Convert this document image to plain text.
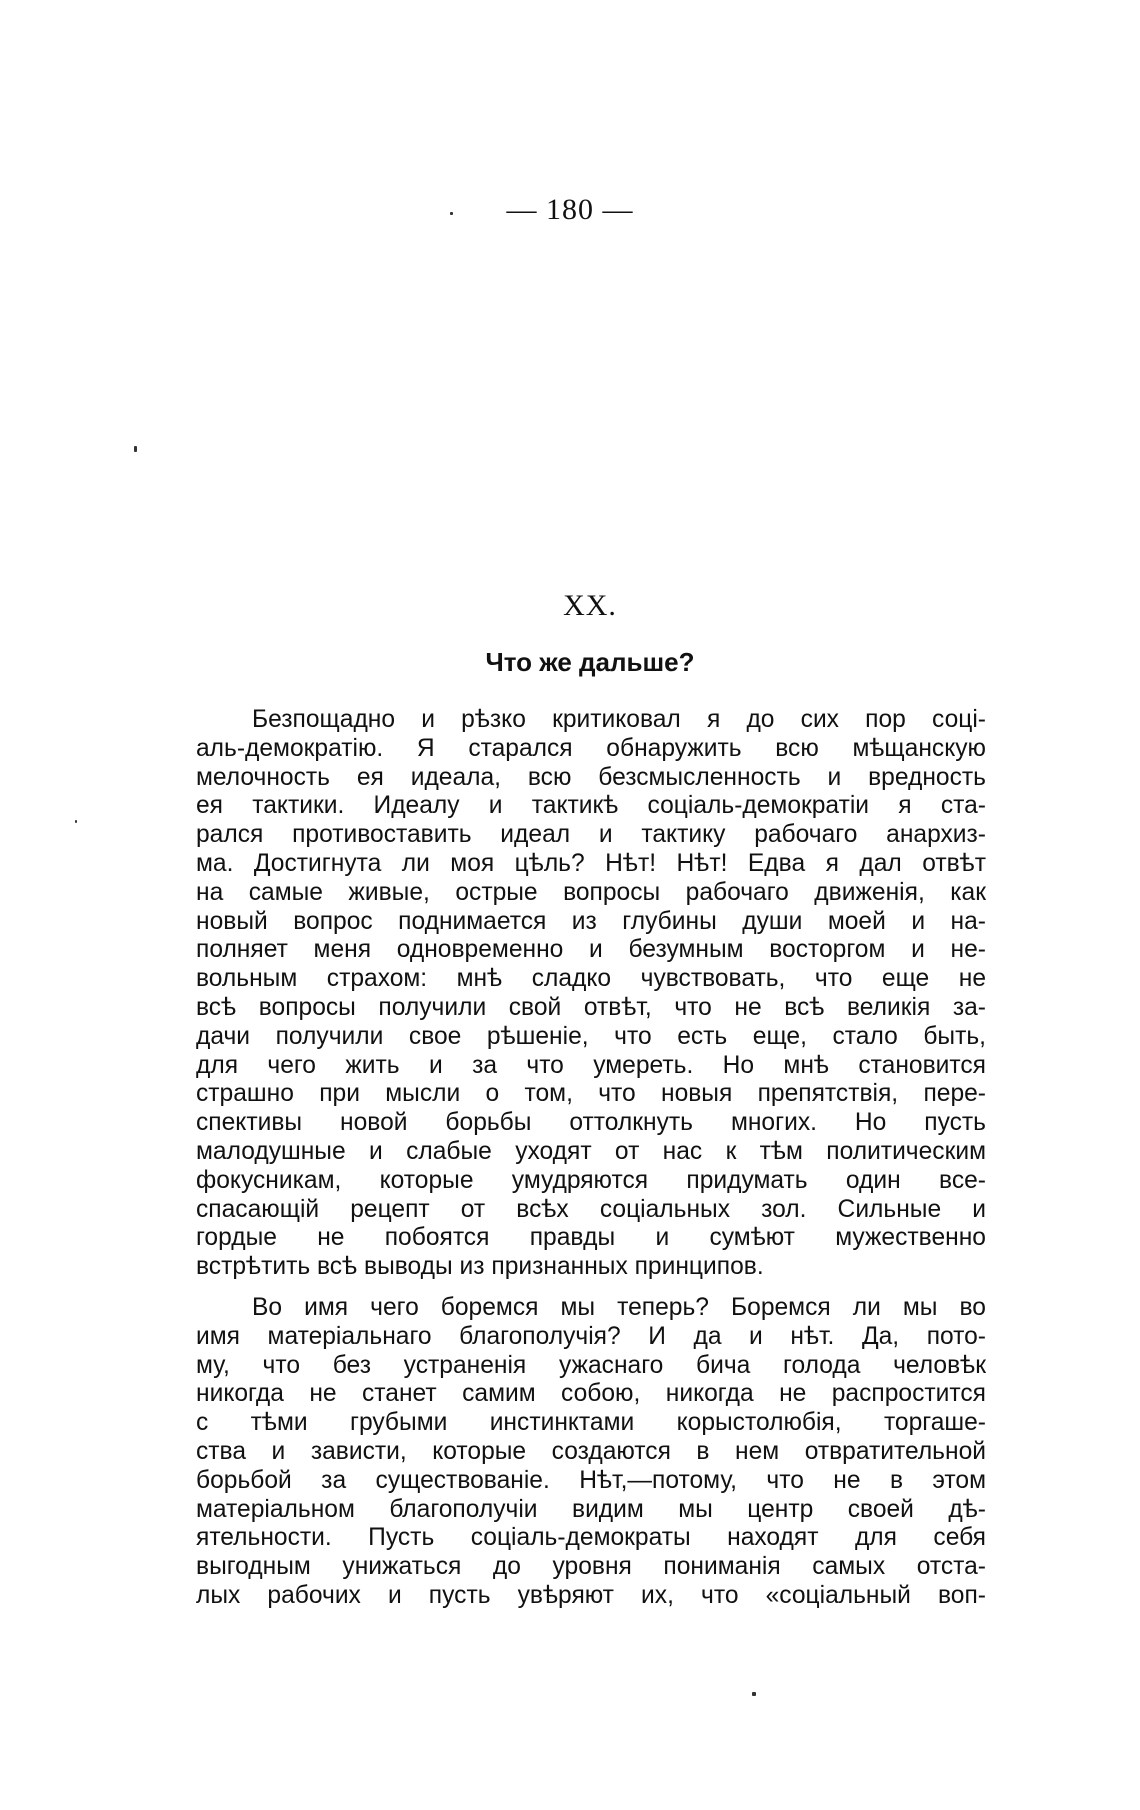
— 180 —
XX.
Что же дальше?

Безпощадно и рѣзко критиковал я до сих пор соці-
аль-демократію. Я старался обнаружить всю мѣщанскую
мелочность ея идеала, всю безсмысленность и вредность
ея тактики. Идеалу и тактикѣ соціаль-демократіи я ста-
рался противоставить идеал и тактику рабочаго анархиз-
ма. Достигнута ли моя цѣль? Нѣт! Нѣт! Едва я дал отвѣт
на самые живые, острые вопросы рабочаго движенія, как
новый вопрос поднимается из глубины души моей и на-
полняет меня одновременно и безумным восторгом и не-
вольным страхом: мнѣ сладко чувствовать, что еще не
всѣ вопросы получили свой отвѣт, что не всѣ великія за-
дачи получили свое рѣшеніе, что есть еще, стало быть,
для чего жить и за что умереть. Но мнѣ становится
страшно при мысли о том, что новыя препятствія, пере-
спективы новой борьбы оттолкнуть многих. Но пусть
малодушные и слабые уходят от нас к тѣм политическим
фокусникам, которые умудряются придумать один все-
спасающій рецепт от всѣх соціальных зол. Сильные и
гордые не побоятся правды и сумѣют мужественно
встрѣтить всѣ выводы из признанных принципов.

Во имя чего боремся мы теперь? Боремся ли мы во
имя матеріальнаго благополучія? И да и нѣт. Да, пото-
му, что без устраненія ужаснаго бича голода человѣк
никогда не станет самим собою, никогда не распростится
с тѣми грубыми инстинктами корыстолюбія, торгаше-
ства и зависти, которые создаются в нем отвратительной
борьбой за существованіе. Нѣт,—потому, что не в этом
матеріальном благополучіи видим мы центр своей дѣ-
ятельности. Пусть соціаль-демократы находят для себя
выгодным унижаться до уровня пониманія самых отста-
лых рабочих и пусть увѣряют их, что «соціальный воп-
